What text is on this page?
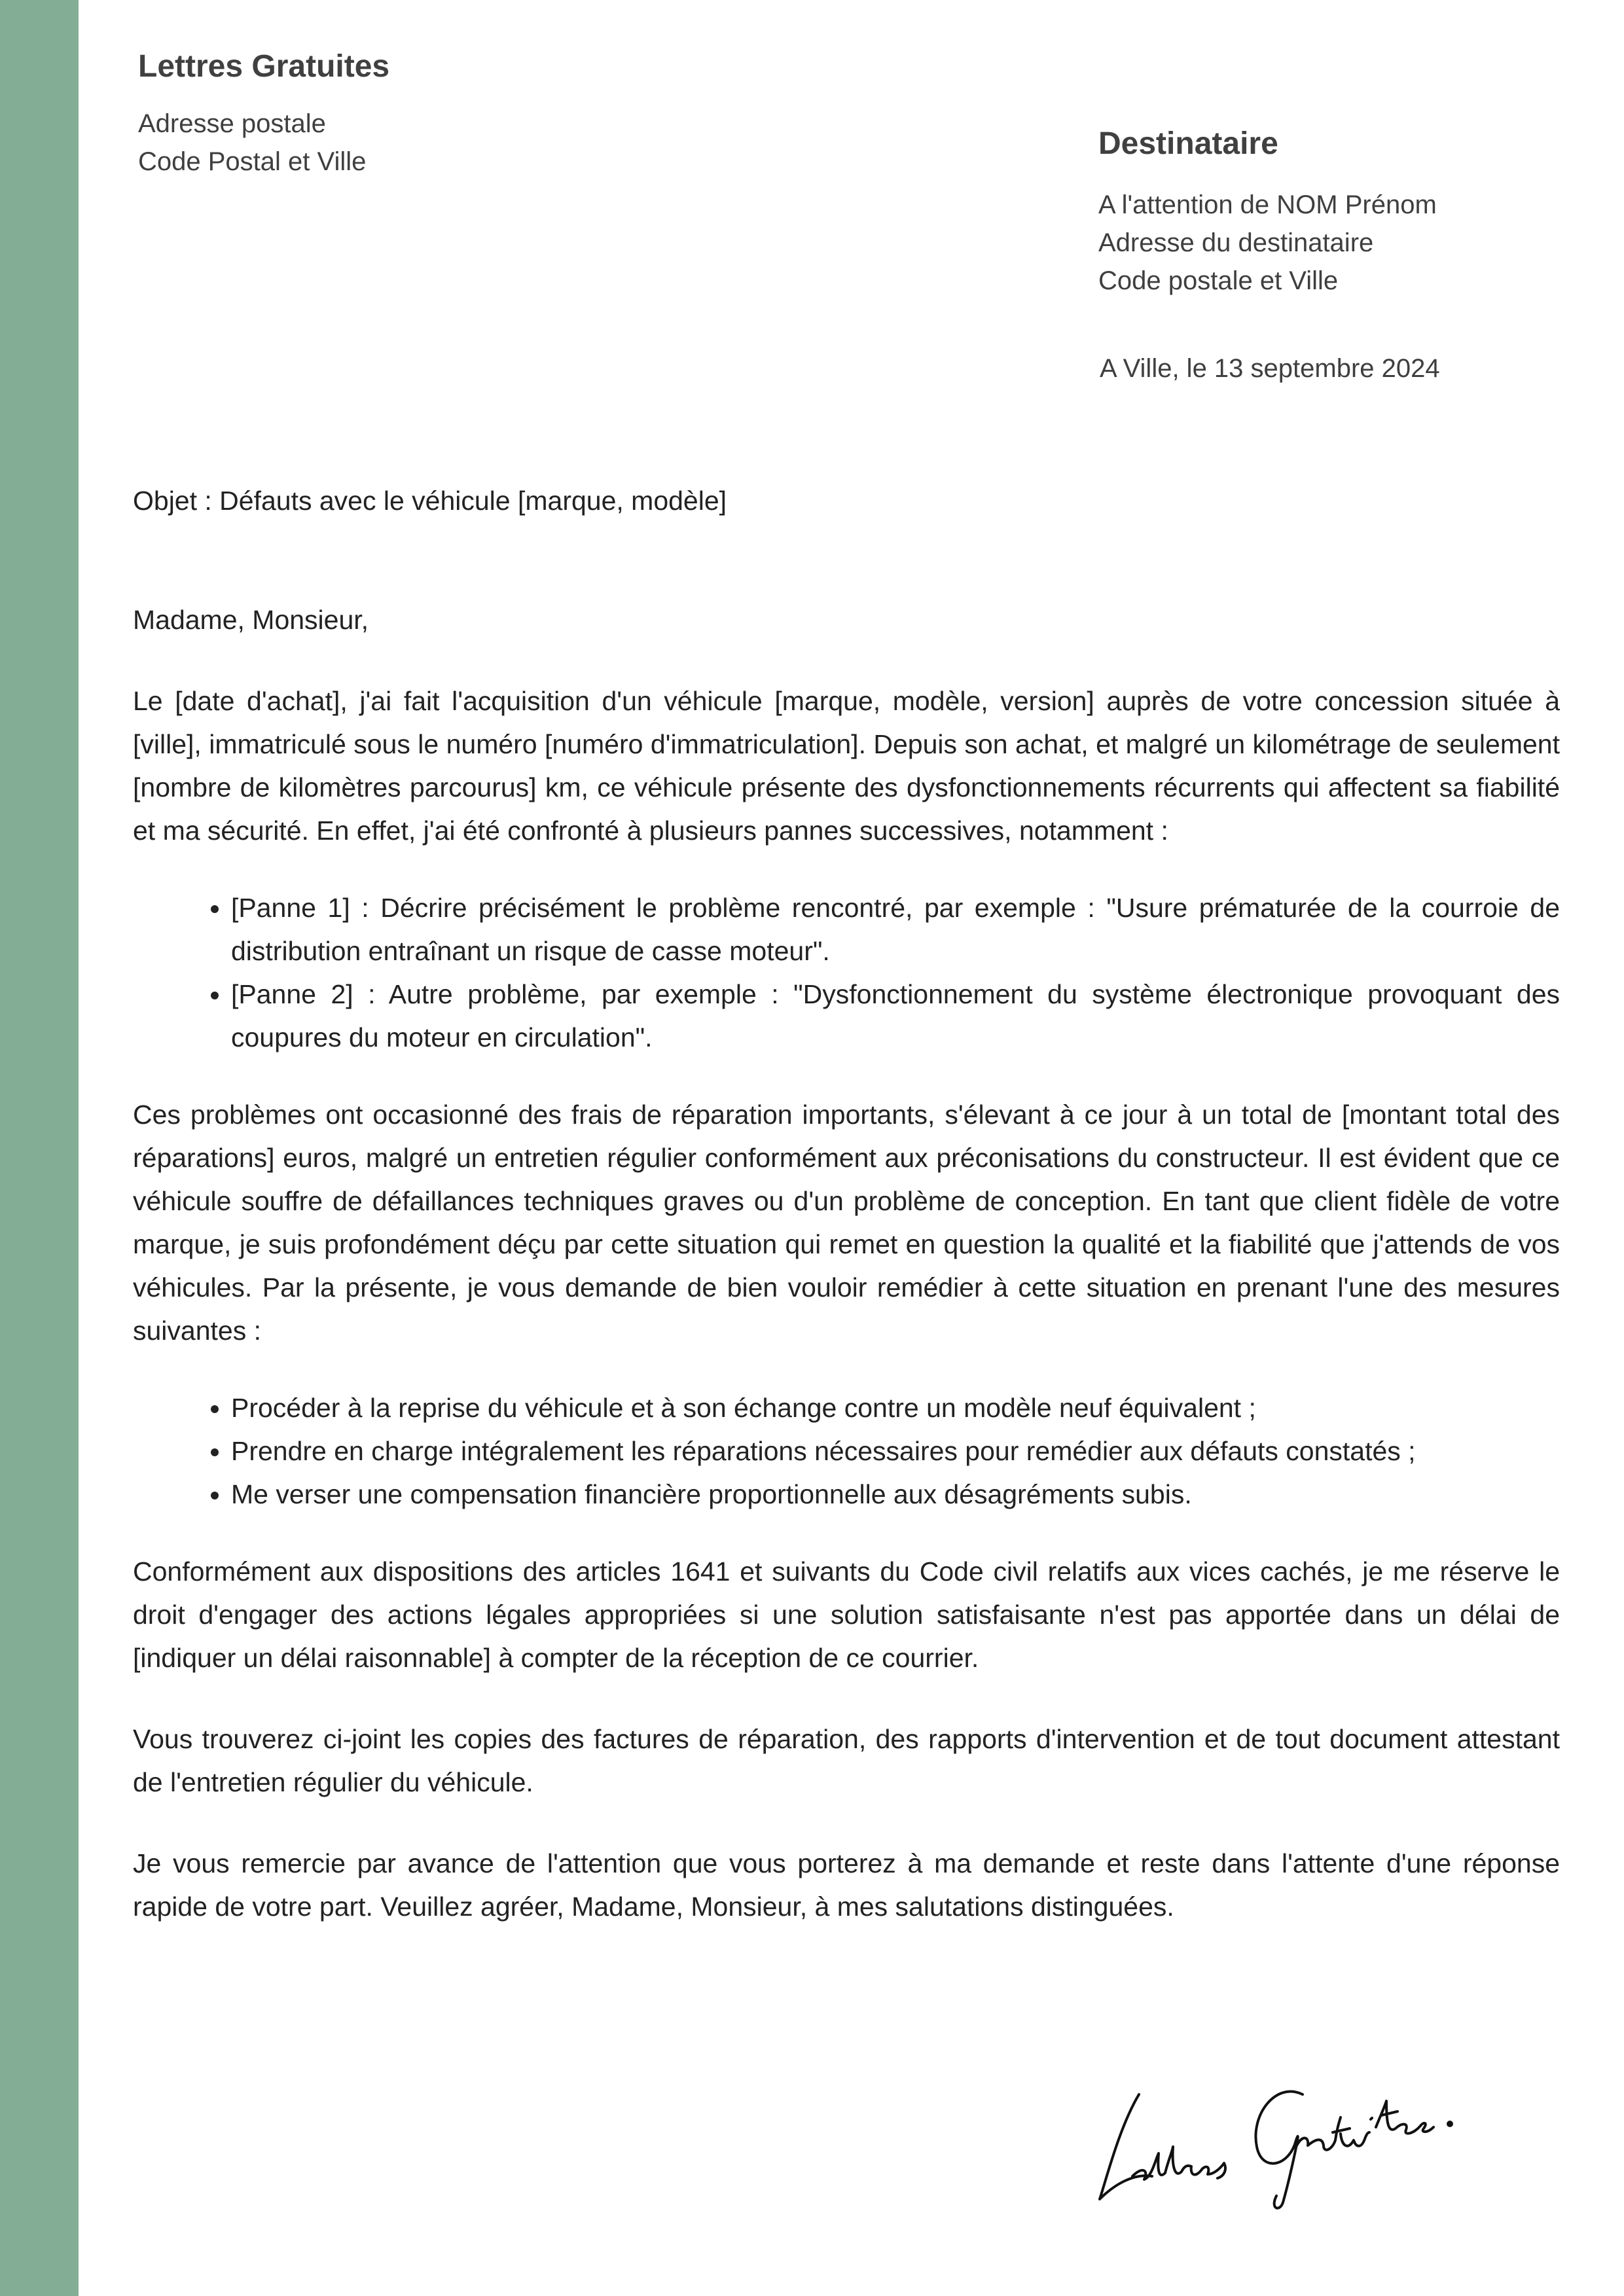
Lettres Gratuites
Adresse postale
Code Postal et Ville
Destinataire
A l'attention de NOM Prénom
Adresse du destinataire
Code postale et Ville
A Ville, le 13 septembre 2024
Objet : Défauts avec le véhicule [marque, modèle]

Madame, Monsieur,

Le [date d'achat], j'ai fait l'acquisition d'un véhicule [marque, modèle, version] auprès de votre concession située à [ville], immatriculé sous le numéro [numéro d'immatriculation]. Depuis son achat, et malgré un kilométrage de seulement [nombre de kilomètres parcourus] km, ce véhicule présente des dysfonctionnements récurrents qui affectent sa fiabilité et ma sécurité. En effet, j'ai été confronté à plusieurs pannes successives, notamment :

• [Panne 1] : Décrire précisément le problème rencontré, par exemple : "Usure prématurée de la courroie de distribution entraînant un risque de casse moteur".
• [Panne 2] : Autre problème, par exemple : "Dysfonctionnement du système électronique provoquant des coupures du moteur en circulation".

Ces problèmes ont occasionné des frais de réparation importants, s'élevant à ce jour à un total de [montant total des réparations] euros, malgré un entretien régulier conformément aux préconisations du constructeur. Il est évident que ce véhicule souffre de défaillances techniques graves ou d'un problème de conception. En tant que client fidèle de votre marque, je suis profondément déçu par cette situation qui remet en question la qualité et la fiabilité que j'attends de vos véhicules. Par la présente, je vous demande de bien vouloir remédier à cette situation en prenant l'une des mesures suivantes :

• Procéder à la reprise du véhicule et à son échange contre un modèle neuf équivalent ;
• Prendre en charge intégralement les réparations nécessaires pour remédier aux défauts constatés ;
• Me verser une compensation financière proportionnelle aux désagréments subis.

Conformément aux dispositions des articles 1641 et suivants du Code civil relatifs aux vices cachés, je me réserve le droit d'engager des actions légales appropriées si une solution satisfaisante n'est pas apportée dans un délai de [indiquer un délai raisonnable] à compter de la réception de ce courrier.

Vous trouverez ci-joint les copies des factures de réparation, des rapports d'intervention et de tout document attestant de l'entretien régulier du véhicule.

Je vous remercie par avance de l'attention que vous porterez à ma demande et reste dans l'attente d'une réponse rapide de votre part. Veuillez agréer, Madame, Monsieur, à mes salutations distinguées.
